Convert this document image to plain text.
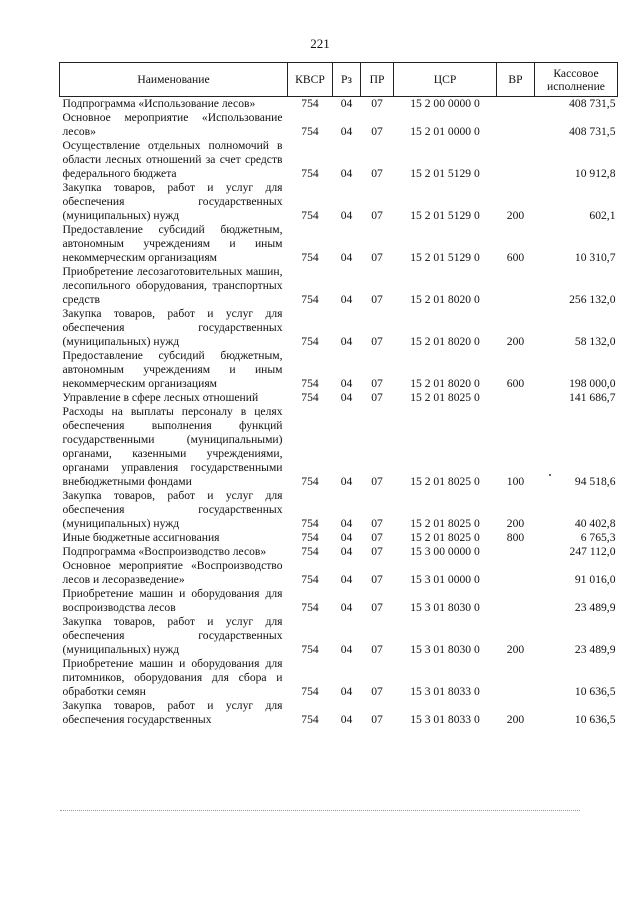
221
Наименование	КВСР	Рз	ПР	ЦСР	ВР	Кассовое исполнение
Подпрограмма «Использование лесов»	754	04	07	15 2 00 0000 0		408 731,5
Основное мероприятие «Использование лесов»	754	04	07	15 2 01 0000 0		408 731,5
Осуществление отдельных полномочий в области лесных отношений за счет средств федерального бюджета	754	04	07	15 2 01 5129 0		10 912,8
Закупка товаров, работ и услуг для обеспечения государственных (муниципальных) нужд	754	04	07	15 2 01 5129 0	200	602,1
Предоставление субсидий бюджетным, автономным учреждениям и иным некоммерческим организациям	754	04	07	15 2 01 5129 0	600	10 310,7
Приобретение лесозаготовительных машин, лесопильного оборудования, транспортных средств	754	04	07	15 2 01 8020 0		256 132,0
Закупка товаров, работ и услуг для обеспечения государственных (муниципальных) нужд	754	04	07	15 2 01 8020 0	200	58 132,0
Предоставление субсидий бюджетным, автономным учреждениям и иным некоммерческим организациям	754	04	07	15 2 01 8020 0	600	198 000,0
Управление в сфере лесных отношений	754	04	07	15 2 01 8025 0		141 686,7
Расходы на выплаты персоналу в целях обеспечения выполнения функций государственными (муниципальными) органами, казенными учреждениями, органами управления государственными внебюджетными фондами	754	04	07	15 2 01 8025 0	100	94 518,6
Закупка товаров, работ и услуг для обеспечения государственных (муниципальных) нужд	754	04	07	15 2 01 8025 0	200	40 402,8
Иные бюджетные ассигнования	754	04	07	15 2 01 8025 0	800	6 765,3
Подпрограмма «Воспроизводство лесов»	754	04	07	15 3 00 0000 0		247 112,0
Основное мероприятие «Воспроизводство лесов и лесоразведение»	754	04	07	15 3 01 0000 0		91 016,0
Приобретение машин и оборудования для воспроизводства лесов	754	04	07	15 3 01 8030 0		23 489,9
Закупка товаров, работ и услуг для обеспечения государственных (муниципальных) нужд	754	04	07	15 3 01 8030 0	200	23 489,9
Приобретение машин и оборудования для питомников, оборудования для сбора и обработки семян	754	04	07	15 3 01 8033 0		10 636,5
Закупка товаров, работ и услуг для обеспечения государственных	754	04	07	15 3 01 8033 0	200	10 636,5
